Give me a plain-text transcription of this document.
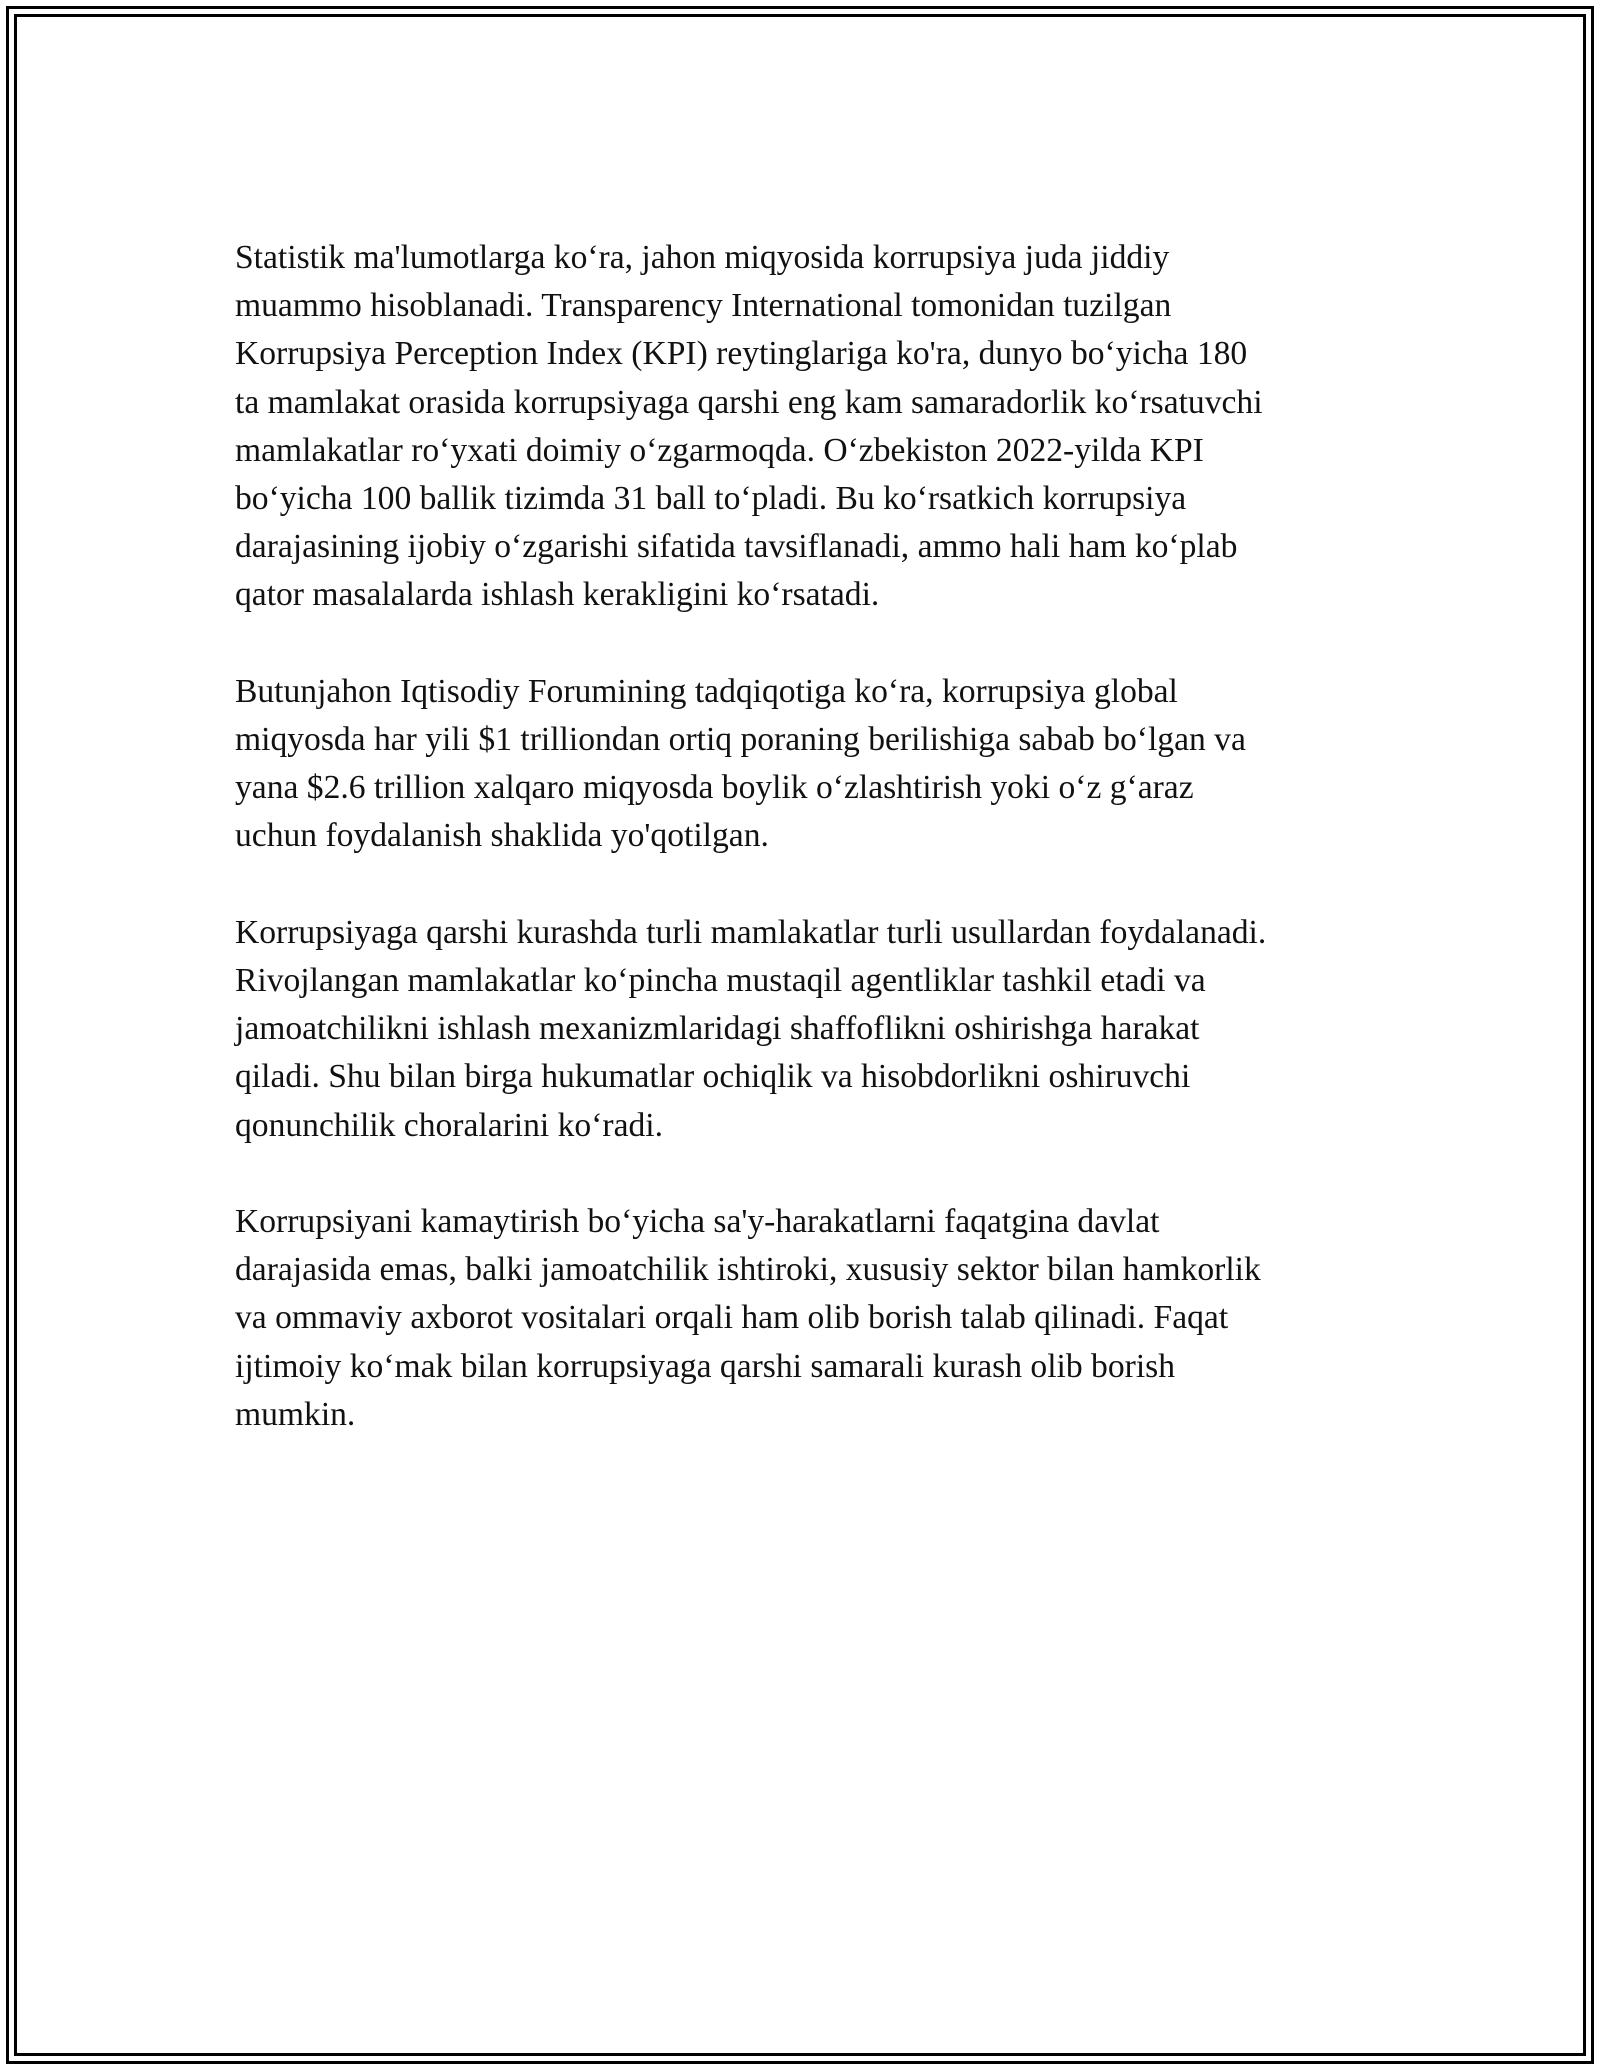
Statistik ma'lumotlarga ko‘ra, jahon miqyosida korrupsiya juda jiddiy
muammo hisoblanadi. Transparency International tomonidan tuzilgan
Korrupsiya Perception Index (KPI) reytinglariga ko'ra, dunyo bo‘yicha 180
ta mamlakat orasida korrupsiyaga qarshi eng kam samaradorlik ko‘rsatuvchi
mamlakatlar ro‘yxati doimiy o‘zgarmoqda. O‘zbekiston 2022-yilda KPI
bo‘yicha 100 ballik tizimda 31 ball to‘pladi. Bu ko‘rsatkich korrupsiya
darajasining ijobiy o‘zgarishi sifatida tavsiflanadi, ammo hali ham ko‘plab
qator masalalarda ishlash kerakligini ko‘rsatadi.

Butunjahon Iqtisodiy Forumining tadqiqotiga ko‘ra, korrupsiya global
miqyosda har yili $1 trilliondan ortiq poraning berilishiga sabab bo‘lgan va
yana $2.6 trillion xalqaro miqyosda boylik o‘zlashtirish yoki o‘z g‘araz
uchun foydalanish shaklida yo'qotilgan.

Korrupsiyaga qarshi kurashda turli mamlakatlar turli usullardan foydalanadi.
Rivojlangan mamlakatlar ko‘pincha mustaqil agentliklar tashkil etadi va
jamoatchilikni ishlash mexanizmlaridagi shaffoflikni oshirishga harakat
qiladi. Shu bilan birga hukumatlar ochiqlik va hisobdorlikni oshiruvchi
qonunchilik choralarini ko‘radi.

Korrupsiyani kamaytirish bo‘yicha sa'y-harakatlarni faqatgina davlat
darajasida emas, balki jamoatchilik ishtiroki, xususiy sektor bilan hamkorlik
va ommaviy axborot vositalari orqali ham olib borish talab qilinadi. Faqat
ijtimoiy ko‘mak bilan korrupsiyaga qarshi samarali kurash olib borish
mumkin.
